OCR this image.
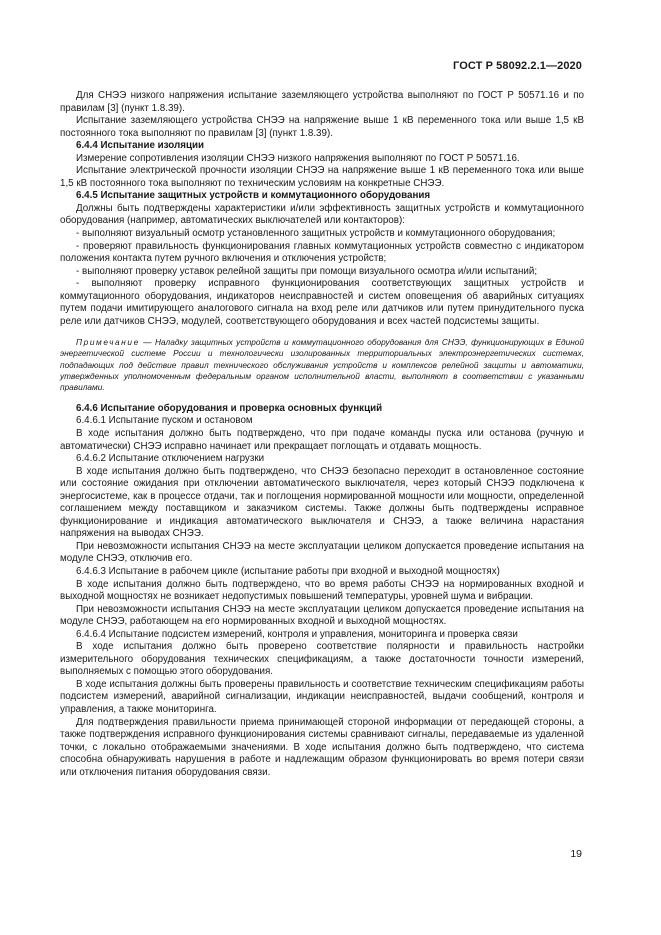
ГОСТ Р 58092.2.1—2020

Для СНЭЭ низкого напряжения испытание заземляющего устройства выполняют по ГОСТ Р 50571.16 и по правилам [3] (пункт 1.8.39).

Испытание заземляющего устройства СНЭЭ на напряжение выше 1 кВ переменного тока или выше 1,5 кВ постоянного тока выполняют по правилам [3] (пункт 1.8.39).

6.4.4 Испытание изоляции

Измерение сопротивления изоляции СНЭЭ низкого напряжения выполняют по ГОСТ Р 50571.16.

Испытание электрической прочности изоляции СНЭЭ на напряжение выше 1 кВ переменного тока или выше 1,5 кВ постоянного тока выполняют по техническим условиям на конкретные СНЭЭ.

6.4.5 Испытание защитных устройств и коммутационного оборудования

Должны быть подтверждены характеристики и/или эффективность защитных устройств и коммутационного оборудования (например, автоматических выключателей или контакторов):

- выполняют визуальный осмотр установленного защитных устройств и коммутационного оборудования;

- проверяют правильность функционирования главных коммутационных устройств совместно с индикатором положения контакта путем ручного включения и отключения устройств;

- выполняют проверку уставок релейной защиты при помощи визуального осмотра и/или испытаний;

- выполняют проверку исправного функционирования соответствующих защитных устройств и коммутационного оборудования, индикаторов неисправностей и систем оповещения об аварийных ситуациях путем подачи имитирующего аналогового сигнала на вход реле или датчиков или путем принудительного пуска реле или датчиков СНЭЭ, модулей, соответствующего оборудования и всех частей подсистемы защиты.

Примечание — Наладку защитных устройств и коммутационного оборудования для СНЭЭ, функционирующих в Единой энергетической системе России и технологически изолированных территориальных электроэнергетических системах, подпадающих под действие правил технического обслуживания устройств и комплексов релейной защиты и автоматики, утвержденных уполномоченным федеральным органом исполнительной власти, выполняют в соответствии с указанными правилами.

6.4.6 Испытание оборудования и проверка основных функций

6.4.6.1 Испытание пуском и остановом

В ходе испытания должно быть подтверждено, что при подаче команды пуска или останова (ручную и автоматически) СНЭЭ исправно начинает или прекращает поглощать и отдавать мощность.

6.4.6.2 Испытание отключением нагрузки

В ходе испытания должно быть подтверждено, что СНЭЭ безопасно переходит в остановленное состояние или состояние ожидания при отключении автоматического выключателя, через который СНЭЭ подключена к энергосистеме, как в процессе отдачи, так и поглощения нормированной мощности или мощности, определенной соглашением между поставщиком и заказчиком системы. Также должны быть подтверждены исправное функционирование и индикация автоматического выключателя и СНЭЭ, а также величина нарастания напряжения на выводах СНЭЭ.

При невозможности испытания СНЭЭ на месте эксплуатации целиком допускается проведение испытания на модуле СНЭЭ, отключив его.

6.4.6.3 Испытание в рабочем цикле (испытание работы при входной и выходной мощностях)

В ходе испытания должно быть подтверждено, что во время работы СНЭЭ на нормированных входной и выходной мощностях не возникает недопустимых повышений температуры, уровней шума и вибрации.

При невозможности испытания СНЭЭ на месте эксплуатации целиком допускается проведение испытания на модуле СНЭЭ, работающем на его нормированных входной и выходной мощностях.

6.4.6.4 Испытание подсистем измерений, контроля и управления, мониторинга и проверка связи

В ходе испытания должно быть проверено соответствие полярности и правильность настройки измерительного оборудования технических спецификациям, а также достаточности точности измерений, выполняемых с помощью этого оборудования.

В ходе испытания должны быть проверены правильность и соответствие техническим спецификациям работы подсистем измерений, аварийной сигнализации, индикации неисправностей, выдачи сообщений, контроля и управления, а также мониторинга.

Для подтверждения правильности приема принимающей стороной информации от передающей стороны, а также подтверждения исправного функционирования системы сравнивают сигналы, передаваемые из удаленной точки, с локально отображаемыми значениями. В ходе испытания должно быть подтверждено, что система способна обнаруживать нарушения в работе и надлежащим образом функционировать во время потери связи или отключения питания оборудования связи.

19
